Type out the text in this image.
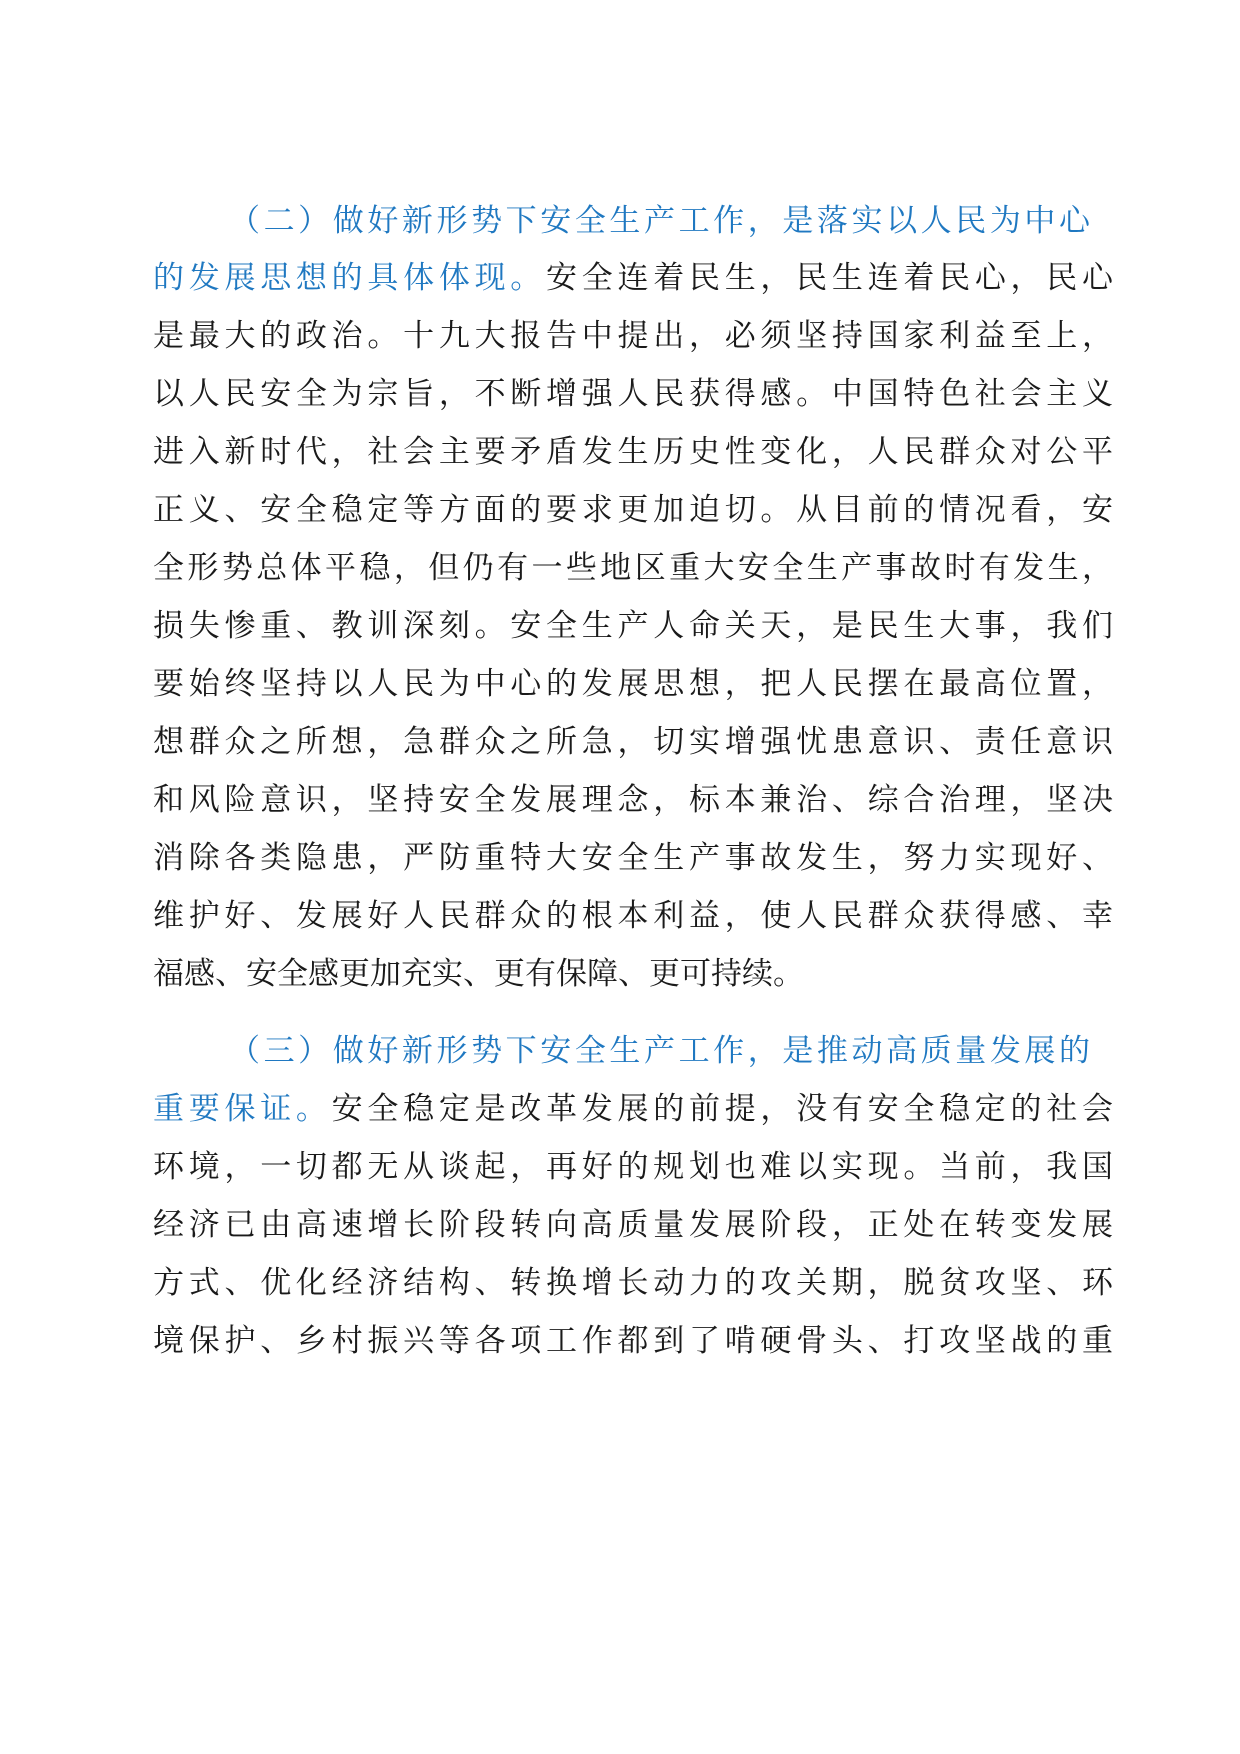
（二）做好新形势下安全生产工作，是落实以人民为中心
的发展思想的具体体现。安全连着民生，民生连着民心，民心
是最大的政治。十九大报告中提出，必须坚持国家利益至上，
以人民安全为宗旨，不断增强人民获得感。中国特色社会主义
进入新时代，社会主要矛盾发生历史性变化，人民群众对公平
正义、安全稳定等方面的要求更加迫切。从目前的情况看，安
全形势总体平稳，但仍有一些地区重大安全生产事故时有发生，
损失惨重、教训深刻。安全生产人命关天，是民生大事，我们
要始终坚持以人民为中心的发展思想，把人民摆在最高位置，
想群众之所想，急群众之所急，切实增强忧患意识、责任意识
和风险意识，坚持安全发展理念，标本兼治、综合治理，坚决
消除各类隐患，严防重特大安全生产事故发生，努力实现好、
维护好、发展好人民群众的根本利益，使人民群众获得感、幸
福感、安全感更加充实、更有保障、更可持续。
（三）做好新形势下安全生产工作，是推动高质量发展的
重要保证。安全稳定是改革发展的前提，没有安全稳定的社会
环境，一切都无从谈起，再好的规划也难以实现。当前，我国
经济已由高速增长阶段转向高质量发展阶段，正处在转变发展
方式、优化经济结构、转换增长动力的攻关期，脱贫攻坚、环
境保护、乡村振兴等各项工作都到了啃硬骨头、打攻坚战的重
